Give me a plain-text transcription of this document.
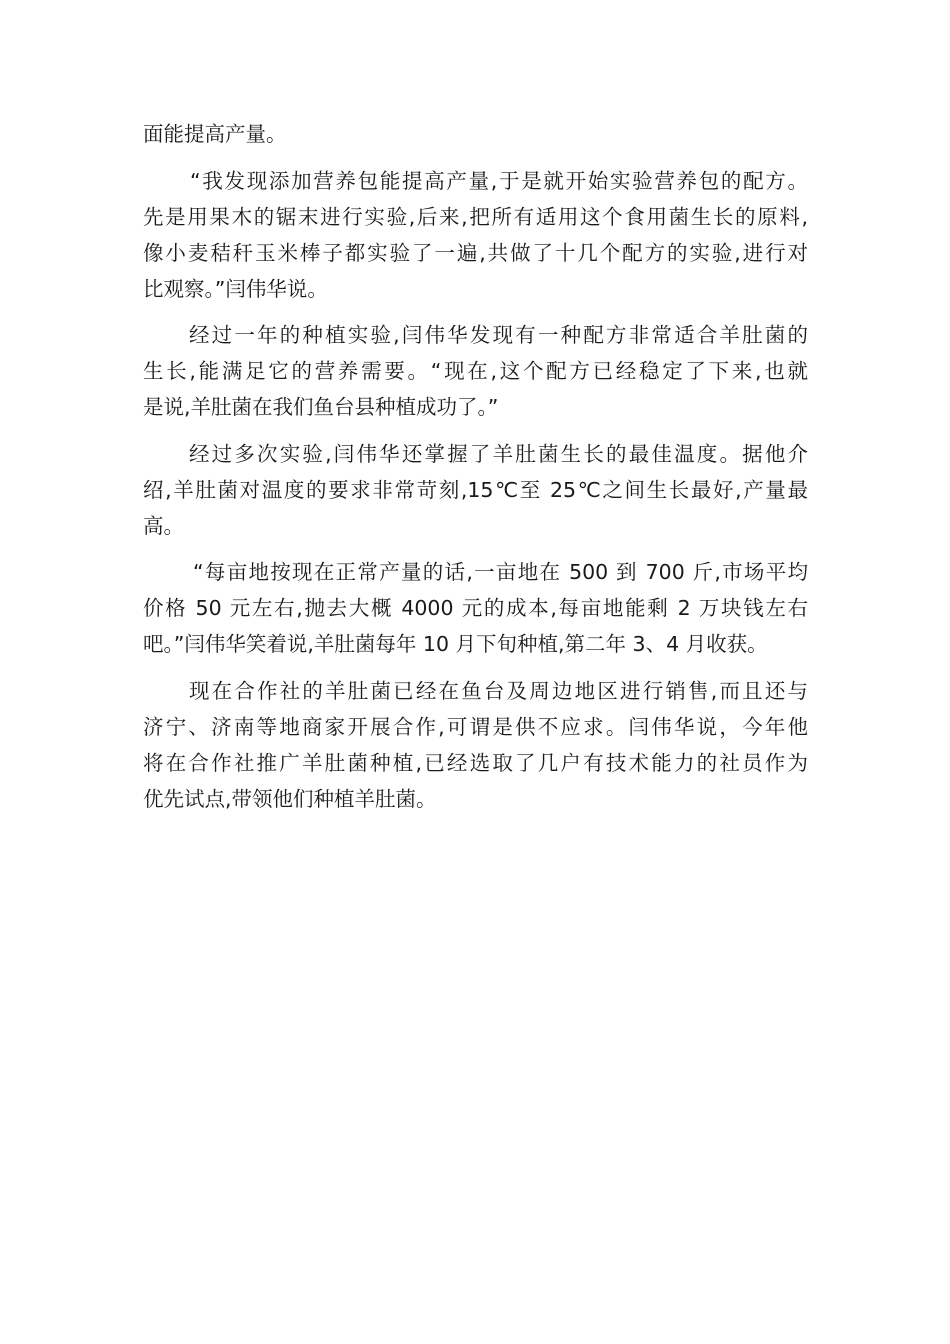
面能提高产量。
“我发现添加营养包能提高产量,于是就开始实验营养包的配方。
先是用果木的锯末进行实验,后来,把所有适用这个食用菌生长的原料,
像小麦秸秆玉米棒子都实验了一遍,共做了十几个配方的实验,进行对
比观察。”闫伟华说。
经过一年的种植实验,闫伟华发现有一种配方非常适合羊肚菌的
生长,能满足它的营养需要。“现在,这个配方已经稳定了下来,也就
是说,羊肚菌在我们鱼台县种植成功了。”
经过多次实验,闫伟华还掌握了羊肚菌生长的最佳温度。据他介
绍,羊肚菌对温度的要求非常苛刻,15℃至 25℃之间生长最好,产量最
高。
“每亩地按现在正常产量的话,一亩地在 500 到 700 斤,市场平均
价格 50 元左右,抛去大概 4000 元的成本,每亩地能剩 2 万块钱左右
吧。”闫伟华笑着说,羊肚菌每年 10 月下旬种植,第二年 3、4 月收获。
现在合作社的羊肚菌已经在鱼台及周边地区进行销售,而且还与
济宁、济南等地商家开展合作,可谓是供不应求。闫伟华说，今年他
将在合作社推广羊肚菌种植,已经选取了几户有技术能力的社员作为
优先试点,带领他们种植羊肚菌。
